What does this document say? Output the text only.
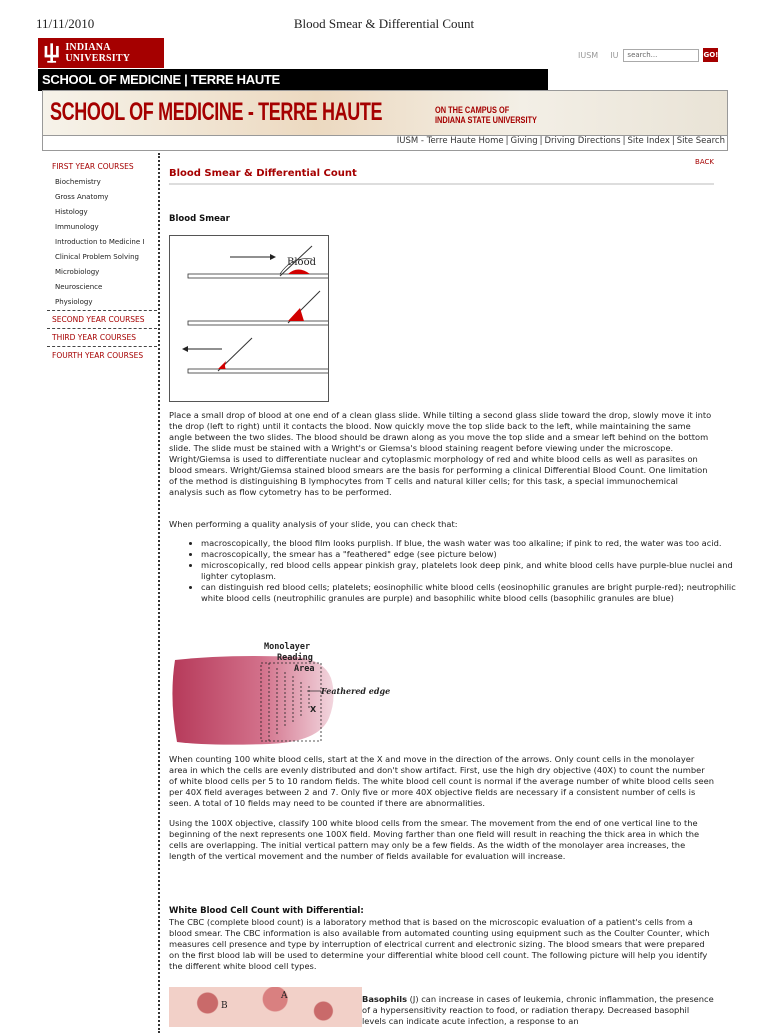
11/11/2010	Blood Smear & Differential Count
INDIANA UNIVERSITY	IUSM IU	search...	GO!
SCHOOL OF MEDICINE | TERRE HAUTE
SCHOOL OF MEDICINE - TERRE HAUTE	ON THE CAMPUS OF
INDIANA STATE UNIVERSITY
IUSM - Terre Haute Home | Giving | Driving Directions | Site Index | Site Search
FIRST YEAR COURSES
Biochemistry
Gross Anatomy
Histology
Immunology
Introduction to Medicine I
Clinical Problem Solving
Microbiology
Neuroscience
Physiology
SECOND YEAR COURSES
THIRD YEAR COURSES
FOURTH YEAR COURSES
BACK
Blood Smear & Differential Count
Blood Smear
Blood

Place a small drop of blood at one end of a clean glass slide. While tilting a second glass slide toward the drop, slowly move it into the drop (left to right) until it contacts the blood. Now quickly move the top slide back to the left, while maintaining the same angle between the two slides. The blood should be drawn along as you move the top slide and a smear left behind on the bottom slide. The slide must be stained with a Wright's or Giemsa's blood staining reagent before viewing under the microscope. Wright/Giemsa is used to differentiate nuclear and cytoplasmic morphology of red and white blood cells as well as parasites on blood smears. Wright/Giemsa stained blood smears are the basis for performing a clinical Differential Blood Count. One limitation of the method is distinguishing B lymphocytes from T cells and natural killer cells; for this task, a special immunochemical analysis such as flow cytometry has to be performed.

When performing a quality analysis of your slide, you can check that:

• macroscopically, the blood film looks purplish. If blue, the wash water was too alkaline; if pink to red, the water was too acid.
• macroscopically, the smear has a "feathered" edge (see picture below)
• microscopically, red blood cells appear pinkish gray, platelets look deep pink, and white blood cells have purple-blue nuclei and lighter cytoplasm.
• can distinguish red blood cells; platelets; eosinophilic white blood cells (eosinophilic granules are bright purple-red); neutrophilic white blood cells (neutrophilic granules are purple) and basophilic white blood cells (basophilic granules are blue)
Monolayer
Reading
Area
Feathered edge
X

When counting 100 white blood cells, start at the X and move in the direction of the arrows. Only count cells in the monolayer area in which the cells are evenly distributed and don't show artifact. First, use the high dry objective (40X) to count the number of white blood cells per 5 to 10 random fields. The white blood cell count is normal if the average number of white blood cells seen per 40X field averages between 2 and 7. Only five or more 40X objective fields are necessary if a consistent number of cells is seen. A total of 10 fields may need to be counted if there are abnormalities.

Using the 100X objective, classify 100 white blood cells from the smear. The movement from the end of one vertical line to the beginning of the next represents one 100X field. Moving farther than one field will result in reaching the thick area in which the cells are overlapping. The initial vertical pattern may only be a few fields. As the width of the monolayer area increases, the length of the vertical movement and the number of fields available for evaluation will increase.

White Blood Cell Count with Differential:

The CBC (complete blood count) is a laboratory method that is based on the microscopic evaluation of a patient's cells from a blood smear. The CBC information is also available from automated counting using equipment such as the Coulter Counter, which measures cell presence and type by interruption of electrical current and electronic sizing. The blood smears that were prepared on the first blood lab will be used to determine your differential white blood cell count. The following picture will help you identify the different white blood cell types.

B
A	Basophils (J) can increase in cases of leukemia, chronic inflammation, the presence of a hypersensitivity reaction to food, or radiation therapy. Decreased basophil levels can indicate acute infection, a response to an
